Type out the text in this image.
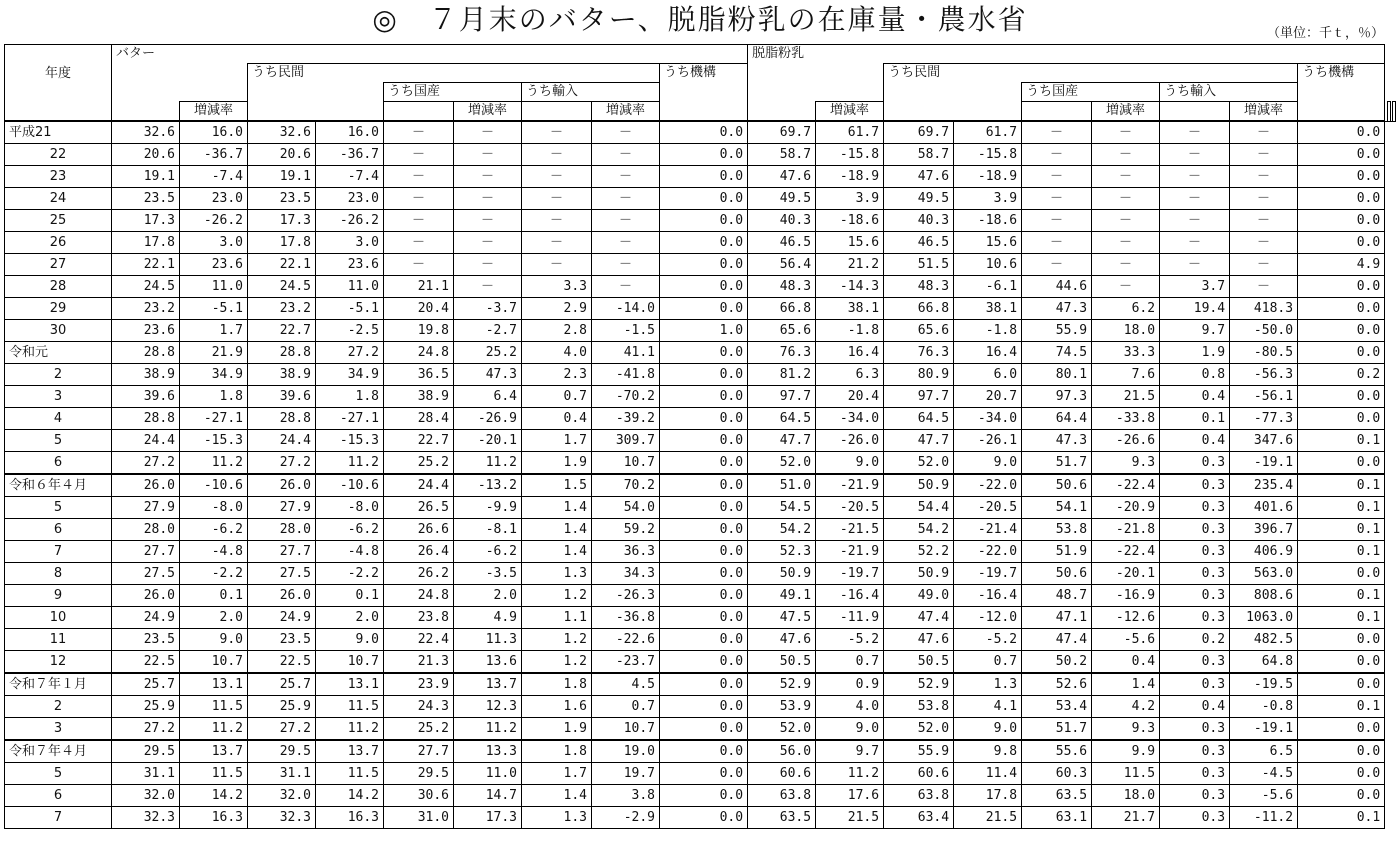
◎　７月末のバター、脱脂粉乳の在庫量・農水省	（単位：千ｔ，％）
年度	バター									脱脂粉乳												
			うち民間						うち機構			うち民間						うち機構				
					うち国産		うち輸入							うち国産		うち輸入						
		増減率				増減率		増減率			増減率				増減率		増減率				
平成21	32.6	16.0	32.6	16.0	－	－	－	－	0.0	69.7	61.7	69.7	61.7	－	－	－	－	0.0				
22	20.6	-36.7	20.6	-36.7	－	－	－	－	0.0	58.7	-15.8	58.7	-15.8	－	－	－	－	0.0				
23	19.1	-7.4	19.1	-7.4	－	－	－	－	0.0	47.6	-18.9	47.6	-18.9	－	－	－	－	0.0				
24	23.5	23.0	23.5	23.0	－	－	－	－	0.0	49.5	3.9	49.5	3.9	－	－	－	－	0.0				
25	17.3	-26.2	17.3	-26.2	－	－	－	－	0.0	40.3	-18.6	40.3	-18.6	－	－	－	－	0.0				
26	17.8	3.0	17.8	3.0	－	－	－	－	0.0	46.5	15.6	46.5	15.6	－	－	－	－	0.0				
27	22.1	23.6	22.1	23.6	－	－	－	－	0.0	56.4	21.2	51.5	10.6	－	－	－	－	4.9				
28	24.5	11.0	24.5	11.0	21.1	－	3.3	－	0.0	48.3	-14.3	48.3	-6.1	44.6	－	3.7	－	0.0				
29	23.2	-5.1	23.2	-5.1	20.4	-3.7	2.9	-14.0	0.0	66.8	38.1	66.8	38.1	47.3	6.2	19.4	418.3	0.0				
30	23.6	1.7	22.7	-2.5	19.8	-2.7	2.8	-1.5	1.0	65.6	-1.8	65.6	-1.8	55.9	18.0	9.7	-50.0	0.0				
令和元	28.8	21.9	28.8	27.2	24.8	25.2	4.0	41.1	0.0	76.3	16.4	76.3	16.4	74.5	33.3	1.9	-80.5	0.0				
2	38.9	34.9	38.9	34.9	36.5	47.3	2.3	-41.8	0.0	81.2	6.3	80.9	6.0	80.1	7.6	0.8	-56.3	0.2				
3	39.6	1.8	39.6	1.8	38.9	6.4	0.7	-70.2	0.0	97.7	20.4	97.7	20.7	97.3	21.5	0.4	-56.1	0.0				
4	28.8	-27.1	28.8	-27.1	28.4	-26.9	0.4	-39.2	0.0	64.5	-34.0	64.5	-34.0	64.4	-33.8	0.1	-77.3	0.0				
5	24.4	-15.3	24.4	-15.3	22.7	-20.1	1.7	309.7	0.0	47.7	-26.0	47.7	-26.1	47.3	-26.6	0.4	347.6	0.1				
6	27.2	11.2	27.2	11.2	25.2	11.2	1.9	10.7	0.0	52.0	9.0	52.0	9.0	51.7	9.3	0.3	-19.1	0.0				
令和６年４月	26.0	-10.6	26.0	-10.6	24.4	-13.2	1.5	70.2	0.0	51.0	-21.9	50.9	-22.0	50.6	-22.4	0.3	235.4	0.1				
5	27.9	-8.0	27.9	-8.0	26.5	-9.9	1.4	54.0	0.0	54.5	-20.5	54.4	-20.5	54.1	-20.9	0.3	401.6	0.1				
6	28.0	-6.2	28.0	-6.2	26.6	-8.1	1.4	59.2	0.0	54.2	-21.5	54.2	-21.4	53.8	-21.8	0.3	396.7	0.1				
7	27.7	-4.8	27.7	-4.8	26.4	-6.2	1.4	36.3	0.0	52.3	-21.9	52.2	-22.0	51.9	-22.4	0.3	406.9	0.1				
8	27.5	-2.2	27.5	-2.2	26.2	-3.5	1.3	34.3	0.0	50.9	-19.7	50.9	-19.7	50.6	-20.1	0.3	563.0	0.0				
9	26.0	0.1	26.0	0.1	24.8	2.0	1.2	-26.3	0.0	49.1	-16.4	49.0	-16.4	48.7	-16.9	0.3	808.6	0.1				
10	24.9	2.0	24.9	2.0	23.8	4.9	1.1	-36.8	0.0	47.5	-11.9	47.4	-12.0	47.1	-12.6	0.3	1063.0	0.1				
11	23.5	9.0	23.5	9.0	22.4	11.3	1.2	-22.6	0.0	47.6	-5.2	47.6	-5.2	47.4	-5.6	0.2	482.5	0.0				
12	22.5	10.7	22.5	10.7	21.3	13.6	1.2	-23.7	0.0	50.5	0.7	50.5	0.7	50.2	0.4	0.3	64.8	0.0				
令和７年１月	25.7	13.1	25.7	13.1	23.9	13.7	1.8	4.5	0.0	52.9	0.9	52.9	1.3	52.6	1.4	0.3	-19.5	0.0				
2	25.9	11.5	25.9	11.5	24.3	12.3	1.6	0.7	0.0	53.9	4.0	53.8	4.1	53.4	4.2	0.4	-0.8	0.1				
3	27.2	11.2	27.2	11.2	25.2	11.2	1.9	10.7	0.0	52.0	9.0	52.0	9.0	51.7	9.3	0.3	-19.1	0.0				
令和７年４月	29.5	13.7	29.5	13.7	27.7	13.3	1.8	19.0	0.0	56.0	9.7	55.9	9.8	55.6	9.9	0.3	6.5	0.0				
5	31.1	11.5	31.1	11.5	29.5	11.0	1.7	19.7	0.0	60.6	11.2	60.6	11.4	60.3	11.5	0.3	-4.5	0.0				
6	32.0	14.2	32.0	14.2	30.6	14.7	1.4	3.8	0.0	63.8	17.6	63.8	17.8	63.5	18.0	0.3	-5.6	0.0				
7	32.3	16.3	32.3	16.3	31.0	17.3	1.3	-2.9	0.0	63.5	21.5	63.4	21.5	63.1	21.7	0.3	-11.2	0.1				
